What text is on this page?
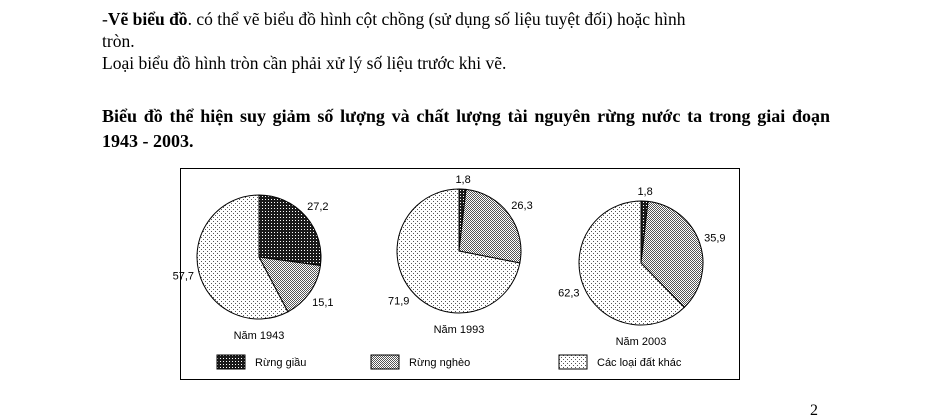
-Vẽ biểu đồ. có thể vẽ biểu đồ hình cột chồng (sử dụng số liệu tuyệt đối) hoặc hình

tròn.

Loại biểu đồ hình tròn cần phải xử lý số liệu trước khi vẽ.

Biểu đồ thể hiện suy giảm số lượng và chất lượng tài nguyên rừng nước ta trong giai đoạn 1943 - 2003.
27,2
15,1
57,7
Năm 1943
1,8
26,3
71,9
Năm 1993
1,8
35,9
62,3
Năm 2003
Rừng giầu	Rừng nghèo	Các loại đất khác
2
